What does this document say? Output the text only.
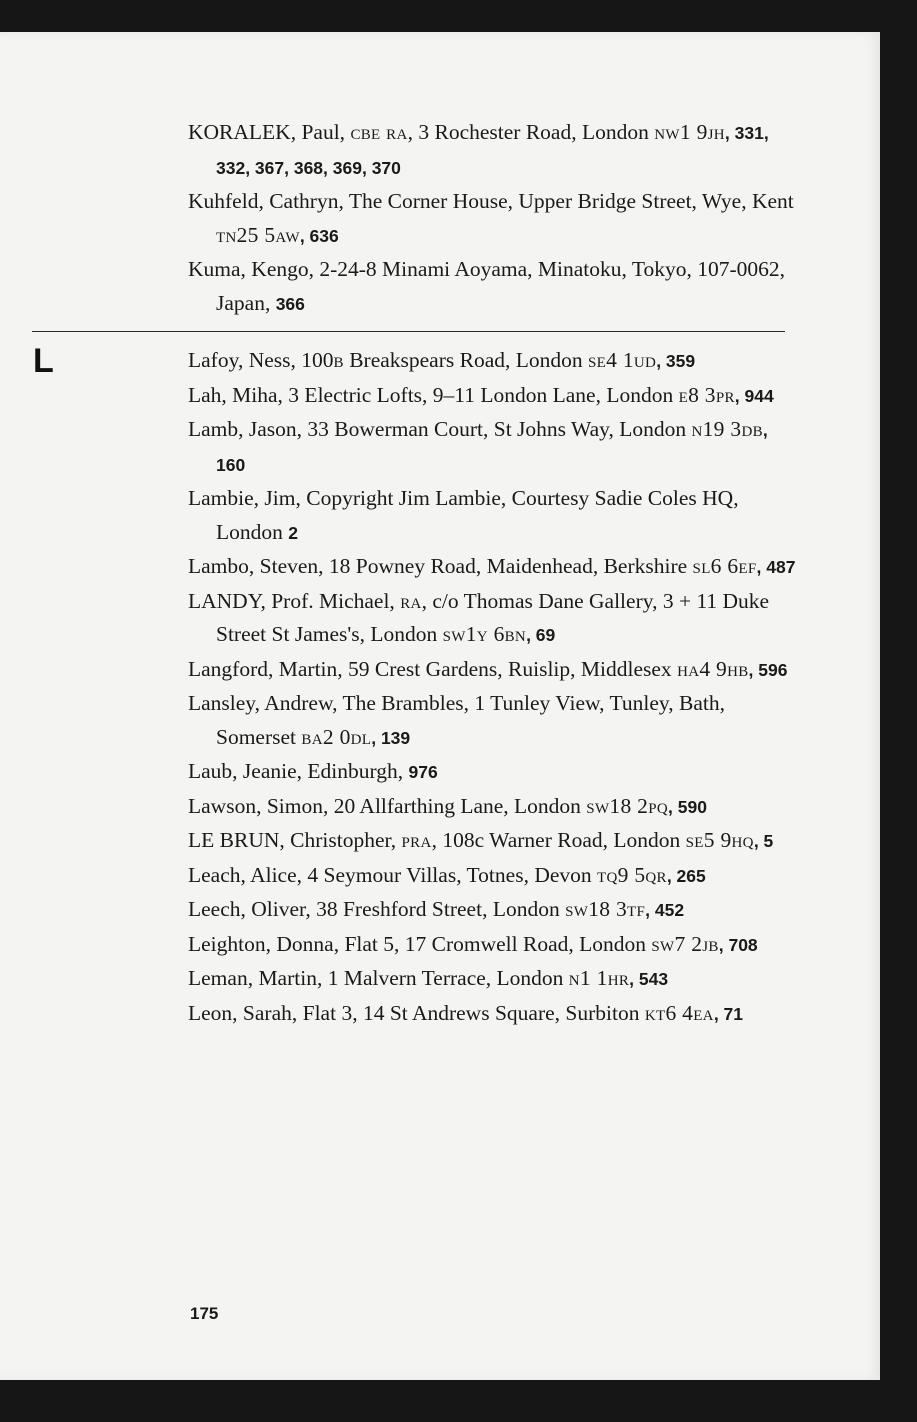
KORALEK, Paul, cbe ra, 3 Rochester Road, London nw1 9jh, 331, 332, 367, 368, 369, 370
Kuhfeld, Cathryn, The Corner House, Upper Bridge Street, Wye, Kent tn25 5aw, 636
Kuma, Kengo, 2-24-8 Minami Aoyama, Minatoku, Tokyo, 107-0062, Japan, 366
L	Lafoy, Ness, 100b Breakspears Road, London se4 1ud, 359
Lah, Miha, 3 Electric Lofts, 9–11 London Lane, London e8 3pr, 944
Lamb, Jason, 33 Bowerman Court, St Johns Way, London n19 3db, 160
Lambie, Jim, Copyright Jim Lambie, Courtesy Sadie Coles HQ, London 2
Lambo, Steven, 18 Powney Road, Maidenhead, Berkshire sl6 6ef, 487
LANDY, Prof. Michael, ra, c/o Thomas Dane Gallery, 3 + 11 Duke Street St James's, London sw1y 6bn, 69
Langford, Martin, 59 Crest Gardens, Ruislip, Middlesex ha4 9hb, 596
Lansley, Andrew, The Brambles, 1 Tunley View, Tunley, Bath, Somerset ba2 0dl, 139
Laub, Jeanie, Edinburgh, 976
Lawson, Simon, 20 Allfarthing Lane, London sw18 2pq, 590
LE BRUN, Christopher, pra, 108c Warner Road, London se5 9hq, 5
Leach, Alice, 4 Seymour Villas, Totnes, Devon tq9 5qr, 265
Leech, Oliver, 38 Freshford Street, London sw18 3tf, 452
Leighton, Donna, Flat 5, 17 Cromwell Road, London sw7 2jb, 708
Leman, Martin, 1 Malvern Terrace, London n1 1hr, 543
Leon, Sarah, Flat 3, 14 St Andrews Square, Surbiton kt6 4ea, 71
175
